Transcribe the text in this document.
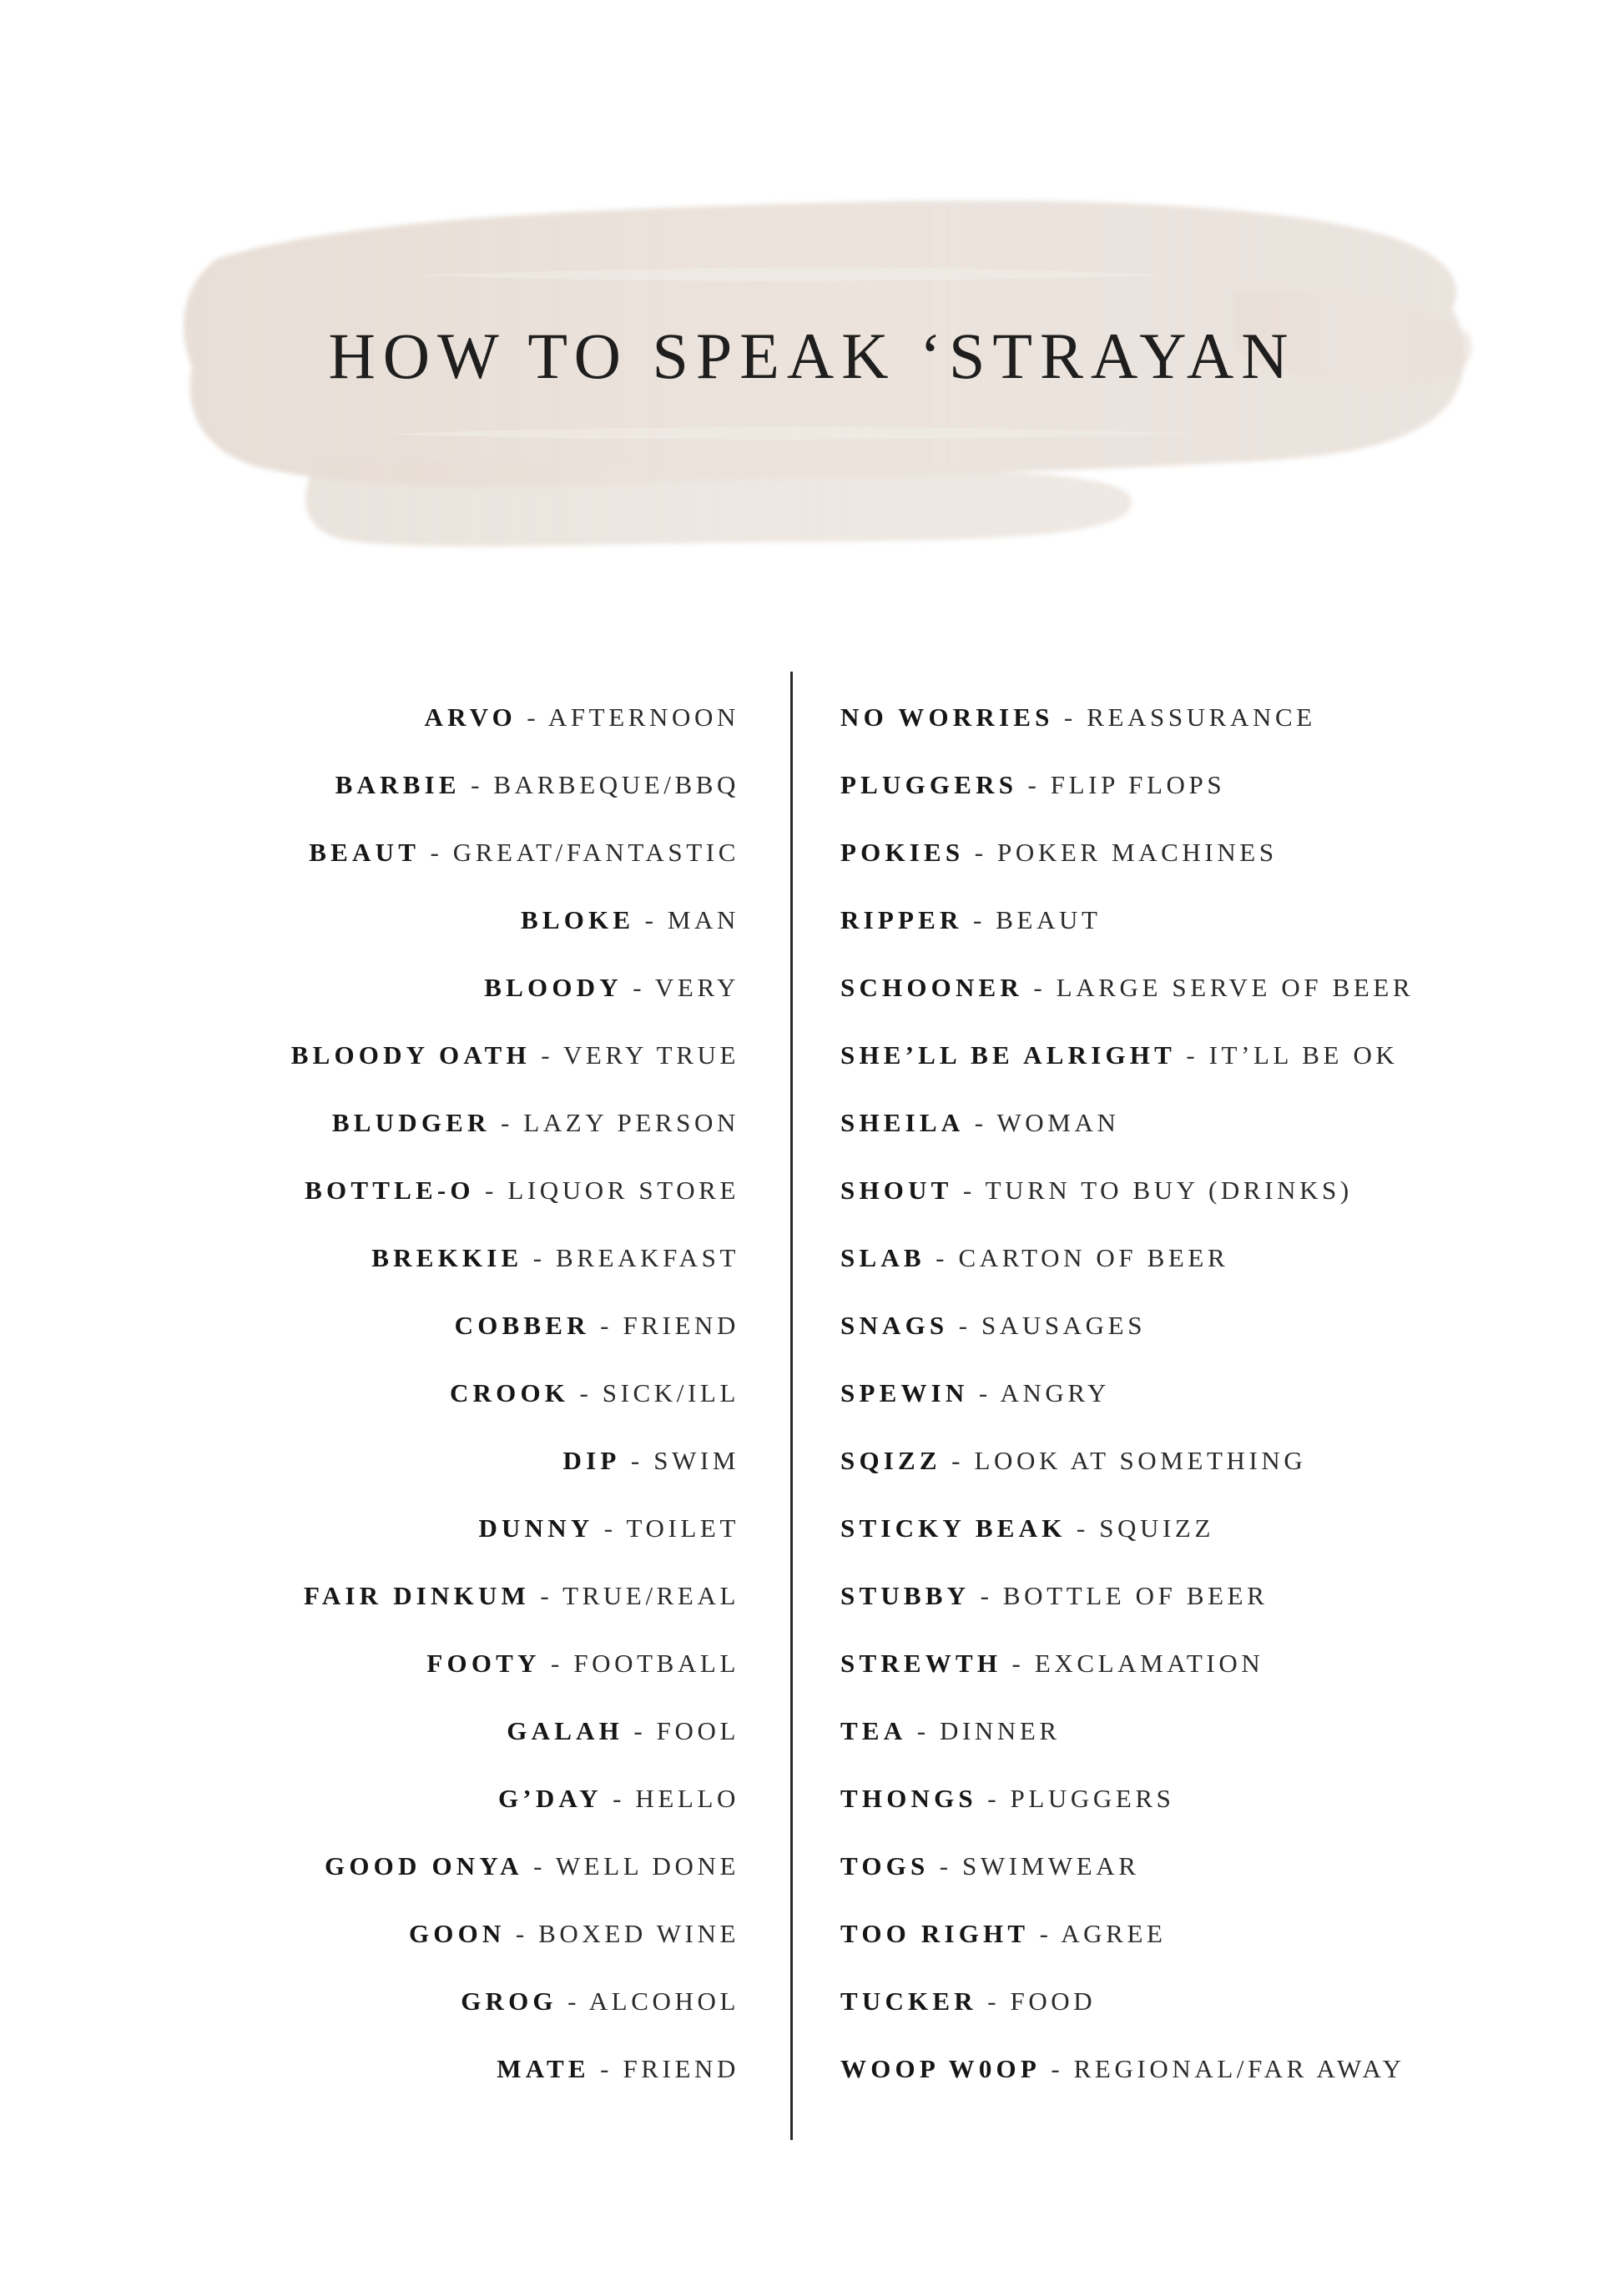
HOW TO SPEAK ‘STRAYAN
ARVO - AFTERNOON
BARBIE - BARBEQUE/BBQ
BEAUT - GREAT/FANTASTIC
BLOKE - MAN
BLOODY - VERY
BLOODY OATH - VERY TRUE
BLUDGER - LAZY PERSON
BOTTLE-O - LIQUOR STORE
BREKKIE - BREAKFAST
COBBER - FRIEND
CROOK - SICK/ILL
DIP - SWIM
DUNNY - TOILET
FAIR DINKUM - TRUE/REAL
FOOTY - FOOTBALL
GALAH - FOOL
G’DAY - HELLO
GOOD ONYA - WELL DONE
GOON - BOXED WINE
GROG - ALCOHOL
MATE - FRIEND
NO WORRIES - REASSURANCE
PLUGGERS - FLIP FLOPS
POKIES - POKER MACHINES
RIPPER - BEAUT
SCHOONER - LARGE SERVE OF BEER
SHE’LL BE ALRIGHT - IT’LL BE OK
SHEILA - WOMAN
SHOUT - TURN TO BUY (DRINKS)
SLAB - CARTON OF BEER
SNAGS - SAUSAGES
SPEWIN - ANGRY
SQIZZ - LOOK AT SOMETHING
STICKY BEAK - SQUIZZ
STUBBY - BOTTLE OF BEER
STREWTH - EXCLAMATION
TEA - DINNER
THONGS - PLUGGERS
TOGS - SWIMWEAR
TOO RIGHT - AGREE
TUCKER - FOOD
WOOP W0OP - REGIONAL/FAR AWAY
